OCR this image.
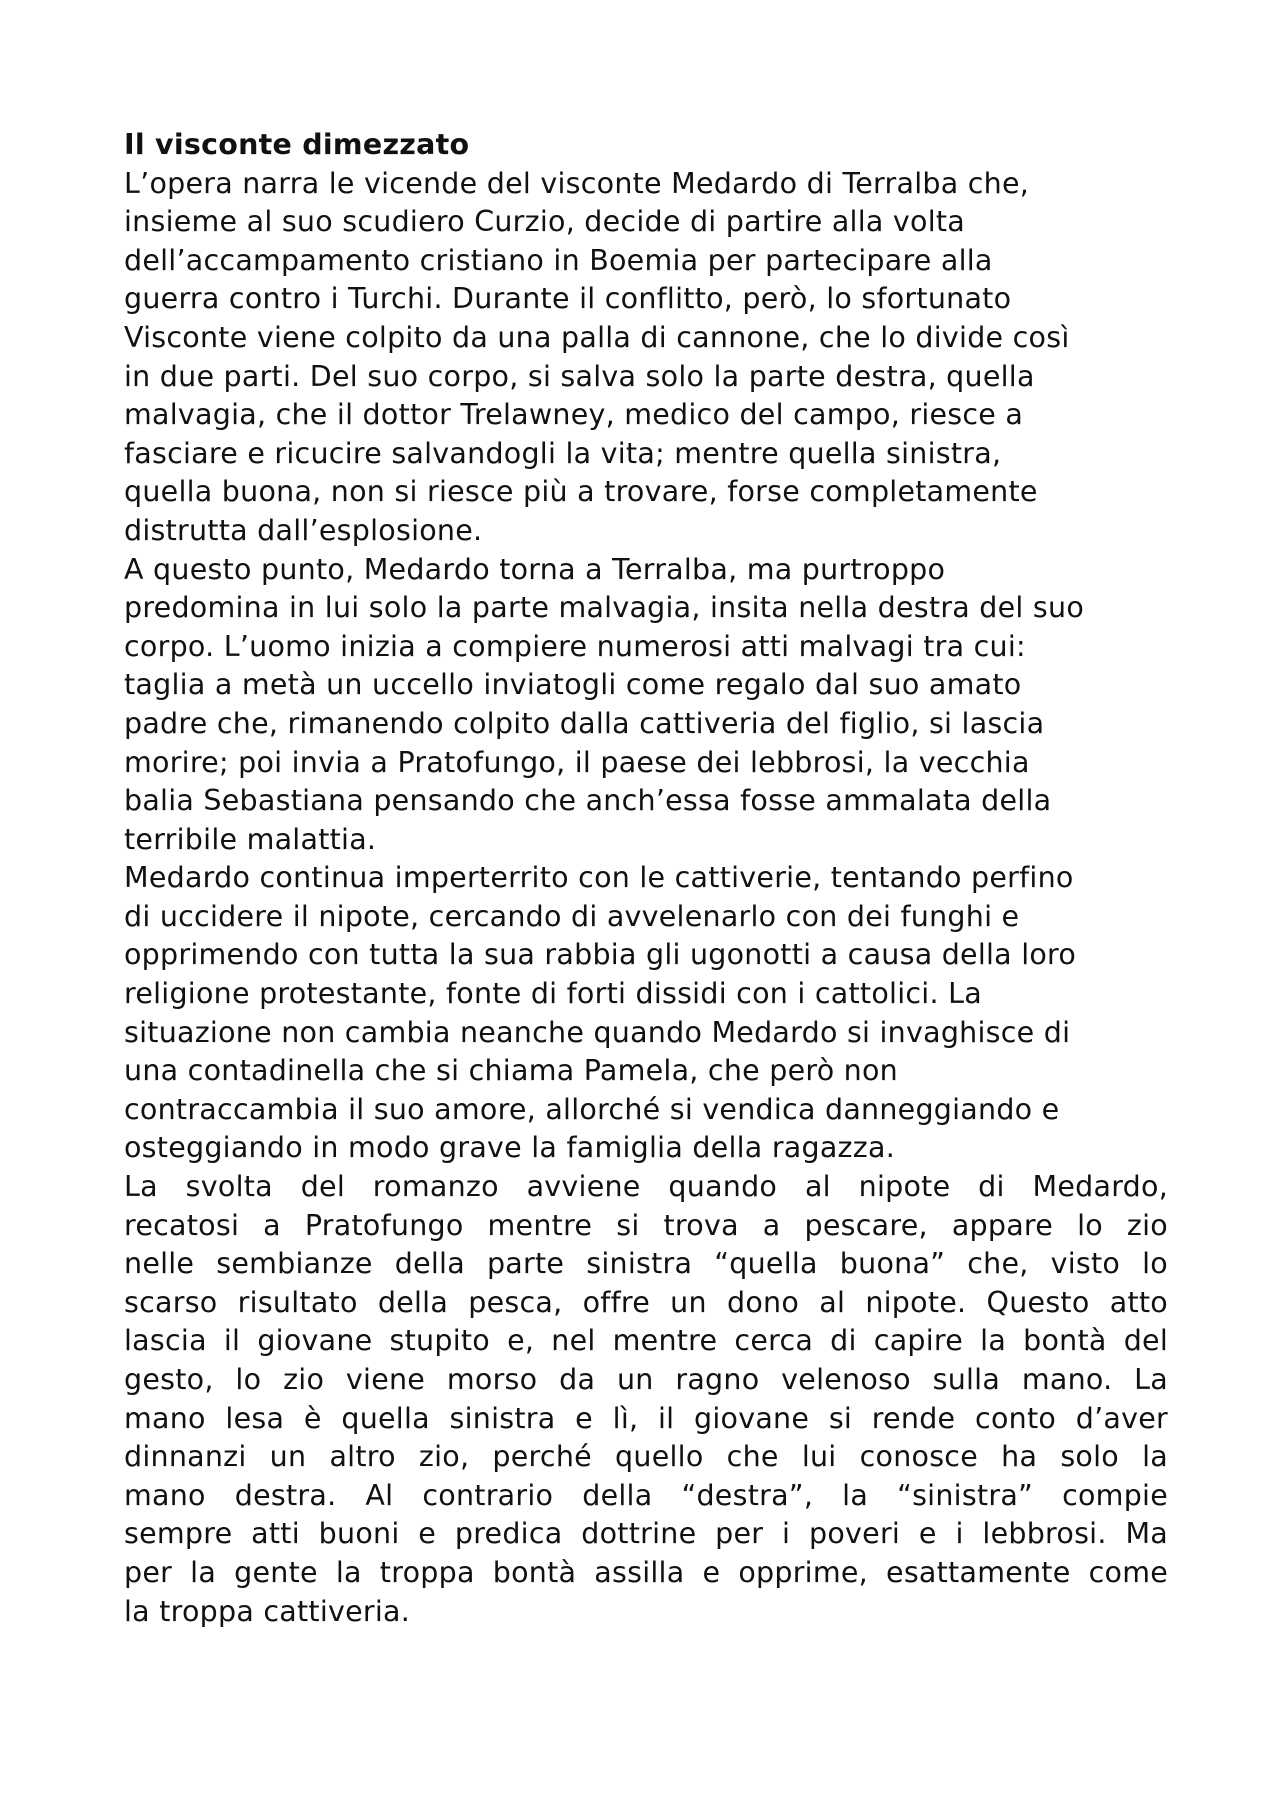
Il visconte dimezzato

L’opera narra le vicende del visconte Medardo di Terralba che,
insieme al suo scudiero Curzio, decide di partire alla volta
dell’accampamento cristiano in Boemia per partecipare alla
guerra contro i Turchi. Durante il conflitto, però, lo sfortunato
Visconte viene colpito da una palla di cannone, che lo divide così
in due parti. Del suo corpo, si salva solo la parte destra, quella
malvagia, che il dottor Trelawney, medico del campo, riesce a
fasciare e ricucire salvandogli la vita; mentre quella sinistra,
quella buona, non si riesce più a trovare, forse completamente
distrutta dall’esplosione.

A questo punto, Medardo torna a Terralba, ma purtroppo
predomina in lui solo la parte malvagia, insita nella destra del suo
corpo. L’uomo inizia a compiere numerosi atti malvagi tra cui:
taglia a metà un uccello inviatogli come regalo dal suo amato
padre che, rimanendo colpito dalla cattiveria del figlio, si lascia
morire; poi invia a Pratofungo, il paese dei lebbrosi, la vecchia
balia Sebastiana pensando che anch’essa fosse ammalata della
terribile malattia.

Medardo continua imperterrito con le cattiverie, tentando perfino
di uccidere il nipote, cercando di avvelenarlo con dei funghi e
opprimendo con tutta la sua rabbia gli ugonotti a causa della loro
religione protestante, fonte di forti dissidi con i cattolici. La
situazione non cambia neanche quando Medardo si invaghisce di
una contadinella che si chiama Pamela, che però non
contraccambia il suo amore, allorché si vendica danneggiando e
osteggiando in modo grave la famiglia della ragazza.

La svolta del romanzo avviene quando al nipote di Medardo,
recatosi a Pratofungo mentre si trova a pescare, appare lo zio
nelle sembianze della parte sinistra “quella buona” che, visto lo
scarso risultato della pesca, offre un dono al nipote. Questo atto
lascia il giovane stupito e, nel mentre cerca di capire la bontà del
gesto, lo zio viene morso da un ragno velenoso sulla mano. La
mano lesa è quella sinistra e lì, il giovane si rende conto d’aver
dinnanzi un altro zio, perché quello che lui conosce ha solo la
mano destra. Al contrario della “destra”, la “sinistra” compie
sempre atti buoni e predica dottrine per i poveri e i lebbrosi. Ma
per la gente la troppa bontà assilla e opprime, esattamente come
la troppa cattiveria.
